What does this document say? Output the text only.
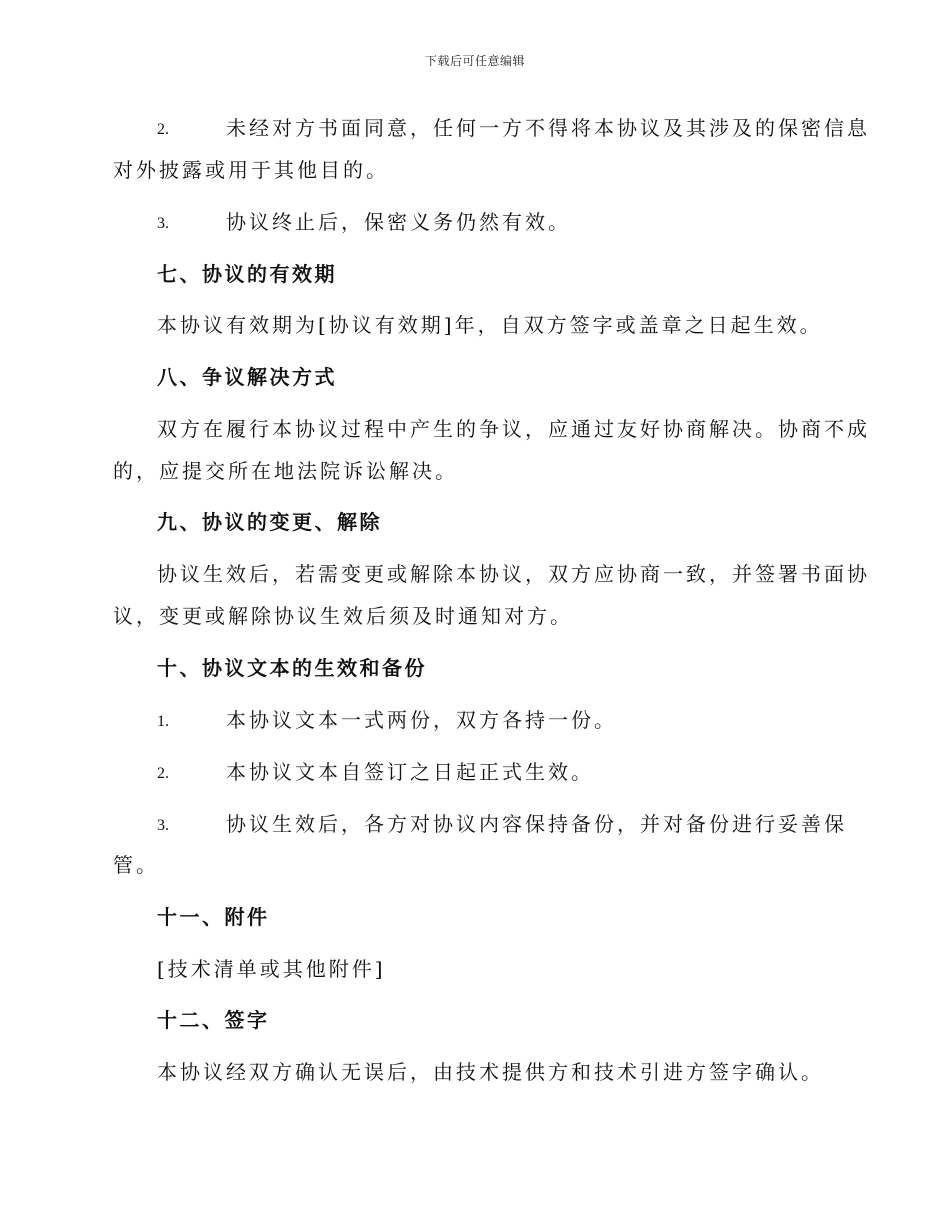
下载后可任意编辑
2.	未经对方书面同意，任何一方不得将本协议及其涉及的保密信息
对外披露或用于其他目的。
3.	协议终止后，保密义务仍然有效。
七、协议的有效期
本协议有效期为[协议有效期]年，自双方签字或盖章之日起生效。
八、争议解决方式
双方在履行本协议过程中产生的争议，应通过友好协商解决。协商不成
的，应提交所在地法院诉讼解决。
九、协议的变更、解除
协议生效后，若需变更或解除本协议，双方应协商一致，并签署书面协
议，变更或解除协议生效后须及时通知对方。
十、协议文本的生效和备份
1.	本协议文本一式两份，双方各持一份。
2.	本协议文本自签订之日起正式生效。
3.	协议生效后，各方对协议内容保持备份，并对备份进行妥善保
管。
十一、附件
[技术清单或其他附件]
十二、签字
本协议经双方确认无误后，由技术提供方和技术引进方签字确认。
